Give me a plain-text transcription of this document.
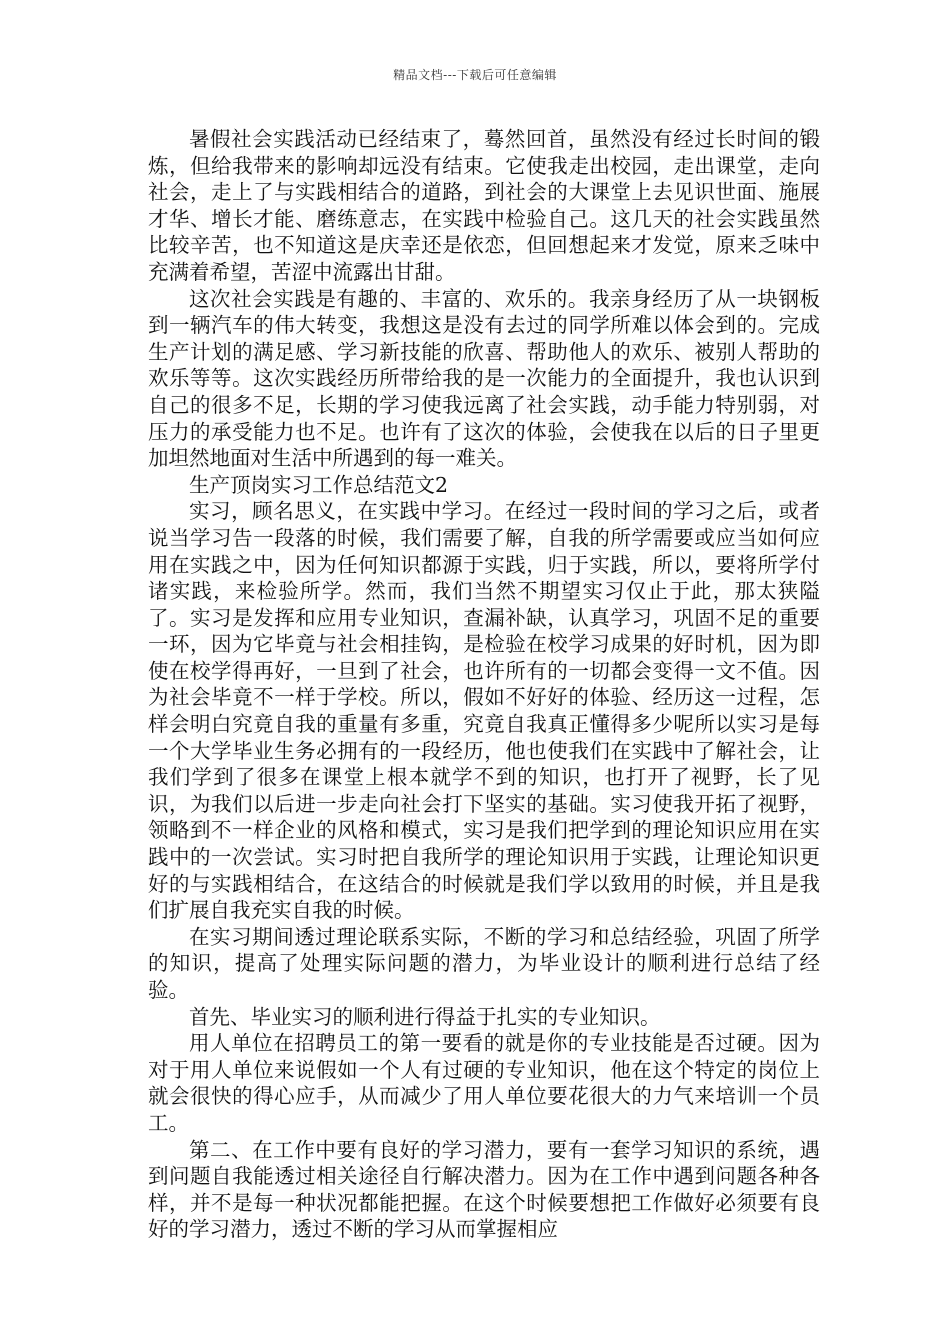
精品文档---下载后可任意编辑

暑假社会实践活动已经结束了，蓦然回首，虽然没有经过长时间的锻炼，但给我带来的影响却远没有结束。它使我走出校园，走出课堂，走向社会，走上了与实践相结合的道路，到社会的大课堂上去见识世面、施展才华、增长才能、磨练意志，在实践中检验自己。这几天的社会实践虽然比较辛苦，也不知道这是庆幸还是依恋，但回想起来才发觉，原来乏味中充满着希望，苦涩中流露出甘甜。

这次社会实践是有趣的、丰富的、欢乐的。我亲身经历了从一块钢板到一辆汽车的伟大转变，我想这是没有去过的同学所难以体会到的。完成生产计划的满足感、学习新技能的欣喜、帮助他人的欢乐、被别人帮助的欢乐等等。这次实践经历所带给我的是一次能力的全面提升，我也认识到自己的很多不足，长期的学习使我远离了社会实践，动手能力特别弱，对压力的承受能力也不足。也许有了这次的体验，会使我在以后的日子里更加坦然地面对生活中所遇到的每一难关。

生产顶岗实习工作总结范文2

实习，顾名思义，在实践中学习。在经过一段时间的学习之后，或者说当学习告一段落的时候，我们需要了解，自我的所学需要或应当如何应用在实践之中，因为任何知识都源于实践，归于实践，所以，要将所学付诸实践，来检验所学。然而，我们当然不期望实习仅止于此，那太狭隘了。实习是发挥和应用专业知识，查漏补缺，认真学习，巩固不足的重要一环，因为它毕竟与社会相挂钩，是检验在校学习成果的好时机，因为即使在校学得再好，一旦到了社会，也许所有的一切都会变得一文不值。因为社会毕竟不一样于学校。所以，假如不好好的体验、经历这一过程，怎样会明白究竟自我的重量有多重，究竟自我真正懂得多少呢所以实习是每一个大学毕业生务必拥有的一段经历，他也使我们在实践中了解社会，让我们学到了很多在课堂上根本就学不到的知识，也打开了视野，长了见识，为我们以后进一步走向社会打下坚实的基础。实习使我开拓了视野，领略到不一样企业的风格和模式，实习是我们把学到的理论知识应用在实践中的一次尝试。实习时把自我所学的理论知识用于实践，让理论知识更好的与实践相结合，在这结合的时候就是我们学以致用的时候，并且是我们扩展自我充实自我的时候。

在实习期间透过理论联系实际，不断的学习和总结经验，巩固了所学的知识，提高了处理实际问题的潜力，为毕业设计的顺利进行总结了经验。

首先、毕业实习的顺利进行得益于扎实的专业知识。

用人单位在招聘员工的第一要看的就是你的专业技能是否过硬。因为对于用人单位来说假如一个人有过硬的专业知识，他在这个特定的岗位上就会很快的得心应手，从而减少了用人单位要花很大的力气来培训一个员工。

第二、在工作中要有良好的学习潜力，要有一套学习知识的系统，遇到问题自我能透过相关途径自行解决潜力。因为在工作中遇到问题各种各样，并不是每一种状况都能把握。在这个时候要想把工作做好必须要有良好的学习潜力，透过不断的学习从而掌握相应
